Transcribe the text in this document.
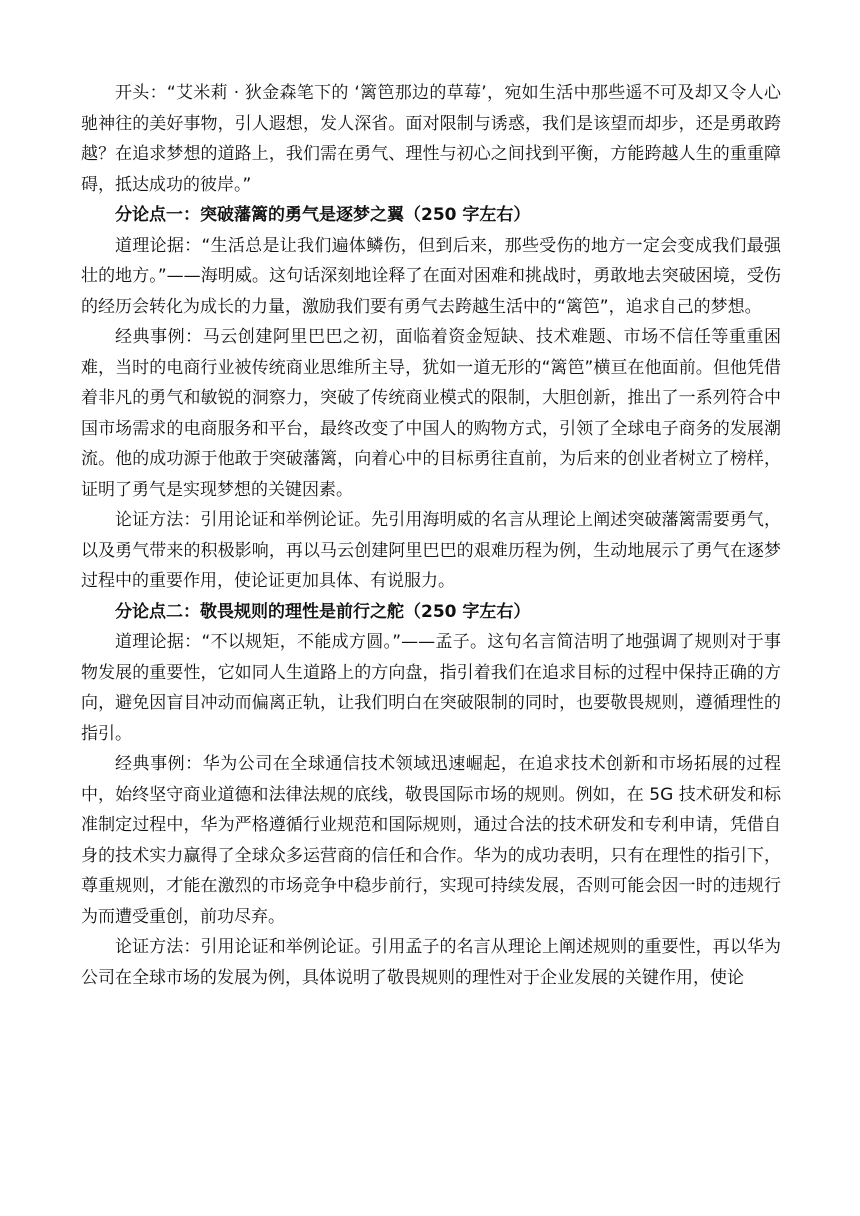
开头：“艾米莉 · 狄金森笔下的 ‘篱笆那边的草莓’，宛如生活中那些遥不可及却又令人心驰神往的美好事物，引人遐想，发人深省。面对限制与诱惑，我们是该望而却步，还是勇敢跨越？在追求梦想的道路上，我们需在勇气、理性与初心之间找到平衡，方能跨越人生的重重障碍，抵达成功的彼岸。”

分论点一：突破藩篱的勇气是逐梦之翼（250 字左右）

道理论据：“生活总是让我们遍体鳞伤，但到后来，那些受伤的地方一定会变成我们最强壮的地方。”——海明威。这句话深刻地诠释了在面对困难和挑战时，勇敢地去突破困境，受伤的经历会转化为成长的力量，激励我们要有勇气去跨越生活中的“篱笆”，追求自己的梦想。

经典事例：马云创建阿里巴巴之初，面临着资金短缺、技术难题、市场不信任等重重困难，当时的电商行业被传统商业思维所主导，犹如一道无形的“篱笆”横亘在他面前。但他凭借着非凡的勇气和敏锐的洞察力，突破了传统商业模式的限制，大胆创新，推出了一系列符合中国市场需求的电商服务和平台，最终改变了中国人的购物方式，引领了全球电子商务的发展潮流。他的成功源于他敢于突破藩篱，向着心中的目标勇往直前，为后来的创业者树立了榜样，证明了勇气是实现梦想的关键因素。

论证方法：引用论证和举例论证。先引用海明威的名言从理论上阐述突破藩篱需要勇气，以及勇气带来的积极影响，再以马云创建阿里巴巴的艰难历程为例，生动地展示了勇气在逐梦过程中的重要作用，使论证更加具体、有说服力。

分论点二：敬畏规则的理性是前行之舵（250 字左右）

道理论据：“不以规矩，不能成方圆。”——孟子。这句名言简洁明了地强调了规则对于事物发展的重要性，它如同人生道路上的方向盘，指引着我们在追求目标的过程中保持正确的方向，避免因盲目冲动而偏离正轨，让我们明白在突破限制的同时，也要敬畏规则，遵循理性的指引。

经典事例：华为公司在全球通信技术领域迅速崛起，在追求技术创新和市场拓展的过程中，始终坚守商业道德和法律法规的底线，敬畏国际市场的规则。例如，在 5G 技术研发和标准制定过程中，华为严格遵循行业规范和国际规则，通过合法的技术研发和专利申请，凭借自身的技术实力赢得了全球众多运营商的信任和合作。华为的成功表明，只有在理性的指引下，尊重规则，才能在激烈的市场竞争中稳步前行，实现可持续发展，否则可能会因一时的违规行为而遭受重创，前功尽弃。

论证方法：引用论证和举例论证。引用孟子的名言从理论上阐述规则的重要性，再以华为公司在全球市场的发展为例，具体说明了敬畏规则的理性对于企业发展的关键作用，使论
